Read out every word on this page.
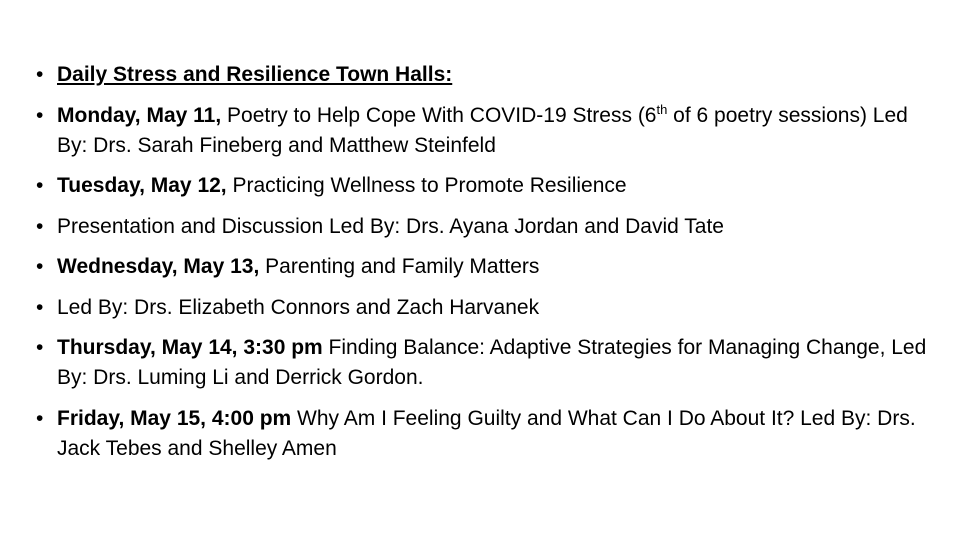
• Daily Stress and Resilience Town Halls:
• Monday, May 11, Poetry to Help Cope With COVID-19 Stress (6th of 6 poetry sessions) Led By: Drs. Sarah Fineberg and Matthew Steinfeld
• Tuesday, May 12, Practicing Wellness to Promote Resilience
• Presentation and Discussion Led By: Drs. Ayana Jordan and David Tate
• Wednesday, May 13, Parenting and Family Matters
• Led By: Drs. Elizabeth Connors and Zach Harvanek
• Thursday, May 14, 3:30 pm Finding Balance: Adaptive Strategies for Managing Change, Led By: Drs. Luming Li and Derrick Gordon.
• Friday, May 15, 4:00 pm Why Am I Feeling Guilty and What Can I Do About It? Led By: Drs. Jack Tebes and Shelley Amen
